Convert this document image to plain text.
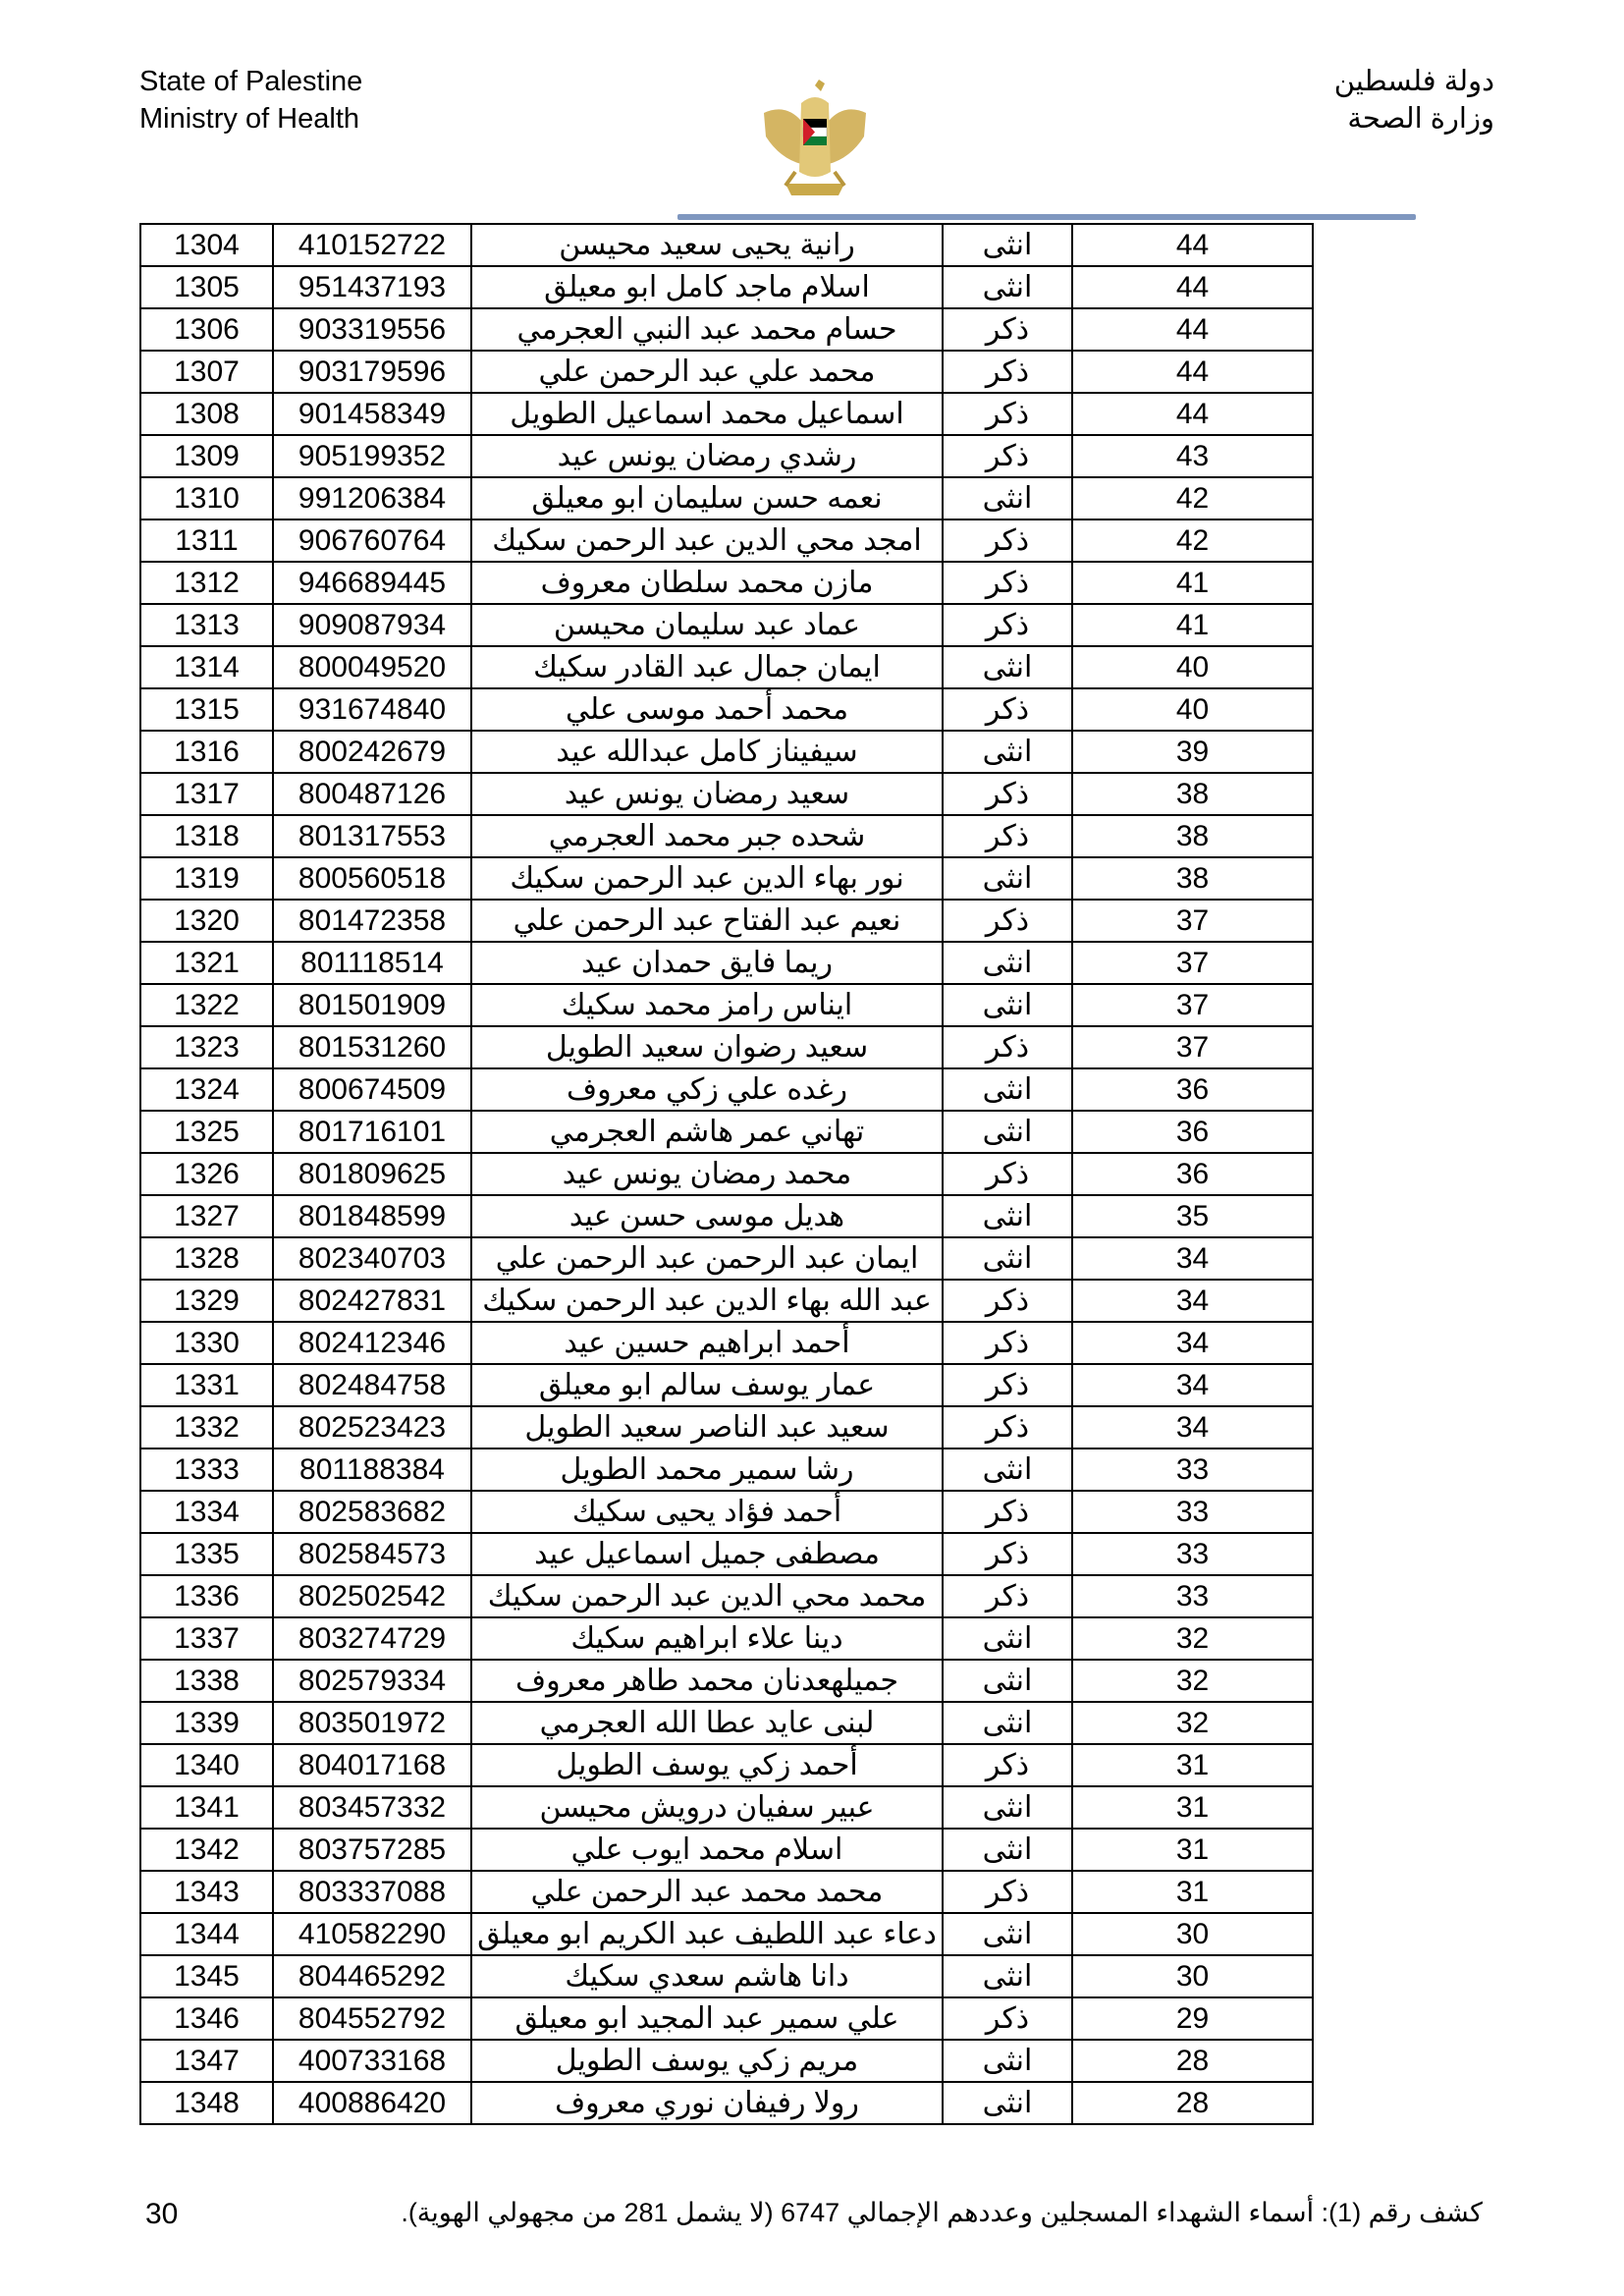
State of Palestine
Ministry of Health
دولة فلسطين
وزارة الصحة
1304	410152722	رانية يحيى سعيد محيسن	انثى	44
1305	951437193	اسلام ماجد كامل ابو معيلق	انثى	44
1306	903319556	حسام محمد عبد النبي العجرمي	ذكر	44
1307	903179596	محمد علي عبد الرحمن علي	ذكر	44
1308	901458349	اسماعيل محمد اسماعيل الطويل	ذكر	44
1309	905199352	رشدي رمضان يونس عيد	ذكر	43
1310	991206384	نعمه حسن سليمان ابو معيلق	انثى	42
1311	906760764	امجد محي الدين عبد الرحمن سكيك	ذكر	42
1312	946689445	مازن محمد سلطان معروف	ذكر	41
1313	909087934	عماد عبد سليمان محيسن	ذكر	41
1314	800049520	ايمان جمال عبد القادر سكيك	انثى	40
1315	931674840	محمد أحمد موسى علي	ذكر	40
1316	800242679	سيفيناز كامل عبدالله عيد	انثى	39
1317	800487126	سعيد رمضان يونس عيد	ذكر	38
1318	801317553	شحده جبر محمد العجرمي	ذكر	38
1319	800560518	نور بهاء الدين عبد الرحمن سكيك	انثى	38
1320	801472358	نعيم عبد الفتاح عبد الرحمن علي	ذكر	37
1321	801118514	ريما فايق حمدان عيد	انثى	37
1322	801501909	ايناس رامز محمد سكيك	انثى	37
1323	801531260	سعيد رضوان سعيد الطويل	ذكر	37
1324	800674509	رغده علي زكي معروف	انثى	36
1325	801716101	تهاني عمر هاشم العجرمي	انثى	36
1326	801809625	محمد رمضان يونس عيد	ذكر	36
1327	801848599	هديل موسى حسن عيد	انثى	35
1328	802340703	ايمان عبد الرحمن عبد الرحمن علي	انثى	34
1329	802427831	عبد الله بهاء الدين عبد الرحمن سكيك	ذكر	34
1330	802412346	أحمد ابراهيم حسين عيد	ذكر	34
1331	802484758	عمار يوسف سالم ابو معيلق	ذكر	34
1332	802523423	سعيد عبد الناصر سعيد الطويل	ذكر	34
1333	801188384	رشا سمير محمد الطويل	انثى	33
1334	802583682	أحمد فؤاد يحيى سكيك	ذكر	33
1335	802584573	مصطفى جميل اسماعيل عيد	ذكر	33
1336	802502542	محمد محي الدين عبد الرحمن سكيك	ذكر	33
1337	803274729	دينا علاء ابراهيم سكيك	انثى	32
1338	802579334	جميلهعدنان محمد طاهر معروف	انثى	32
1339	803501972	لبنى عايد عطا الله العجرمي	انثى	32
1340	804017168	أحمد زكي يوسف الطويل	ذكر	31
1341	803457332	عبير سفيان درويش محيسن	انثى	31
1342	803757285	اسلام محمد ايوب علي	انثى	31
1343	803337088	محمد محمد عبد الرحمن علي	ذكر	31
1344	410582290	دعاء عبد اللطيف عبد الكريم ابو معيلق	انثى	30
1345	804465292	دانا هاشم سعدي سكيك	انثى	30
1346	804552792	علي سمير عبد المجيد ابو معيلق	ذكر	29
1347	400733168	مريم زكي يوسف الطويل	انثى	28
1348	400886420	رولا رفيفان نوري معروف	انثى	28
30	كشف رقم (1): أسماء الشهداء المسجلين وعددهم الإجمالي 6747 (لا يشمل 281 من مجهولي الهوية).
